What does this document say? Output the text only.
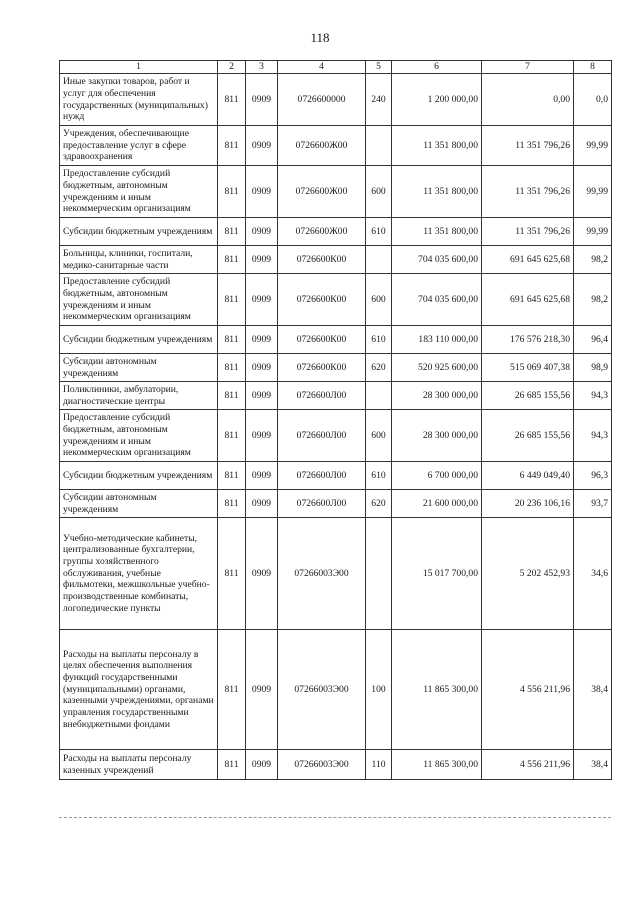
118
1	2	3	4	5	6	7	8
Иные закупки товаров, работ и услуг для обеспечения государственных (муниципальных) нужд	811	0909	0726600000	240	1 200 000,00	0,00	0,0
Учреждения, обеспечивающие предоставление услуг в сфере здравоохранения	811	0909	0726600Ж00		11 351 800,00	11 351 796,26	99,99
Предоставление субсидий бюджетным, автономным учреждениям и иным некоммерческим организациям	811	0909	0726600Ж00	600	11 351 800,00	11 351 796,26	99,99
Субсидии бюджетным учреждениям	811	0909	0726600Ж00	610	11 351 800,00	11 351 796,26	99,99
Больницы, клиники, госпитали, медико-санитарные части	811	0909	0726600К00		704 035 600,00	691 645 625,68	98,2
Предоставление субсидий бюджетным, автономным учреждениям и иным некоммерческим организациям	811	0909	0726600К00	600	704 035 600,00	691 645 625,68	98,2
Субсидии бюджетным учреждениям	811	0909	0726600К00	610	183 110 000,00	176 576 218,30	96,4
Субсидии автономным учреждениям	811	0909	0726600К00	620	520 925 600,00	515 069 407,38	98,9
Поликлиники, амбулатории, диагностические центры	811	0909	0726600Л00		28 300 000,00	26 685 155,56	94,3
Предоставление субсидий бюджетным, автономным учреждениям и иным некоммерческим организациям	811	0909	0726600Л00	600	28 300 000,00	26 685 155,56	94,3
Субсидии бюджетным учреждениям	811	0909	0726600Л00	610	6 700 000,00	6 449 049,40	96,3
Субсидии автономным учреждениям	811	0909	0726600Л00	620	21 600 000,00	20 236 106,16	93,7
Учебно-методические кабинеты, централизованные бухгалтерии, группы хозяйственного обслуживания, учебные фильмотеки, межшкольные учебно-производственные комбинаты, логопедические пункты	811	0909	07266003Э00		15 017 700,00	5 202 452,93	34,6
Расходы на выплаты персоналу в целях обеспечения выполнения функций государственными (муниципальными) органами, казенными учреждениями, органами управления государственными внебюджетными фондами	811	0909	07266003Э00	100	11 865 300,00	4 556 211,96	38,4
Расходы на выплаты персоналу казенных учреждений	811	0909	07266003Э00	110	11 865 300,00	4 556 211,96	38,4
